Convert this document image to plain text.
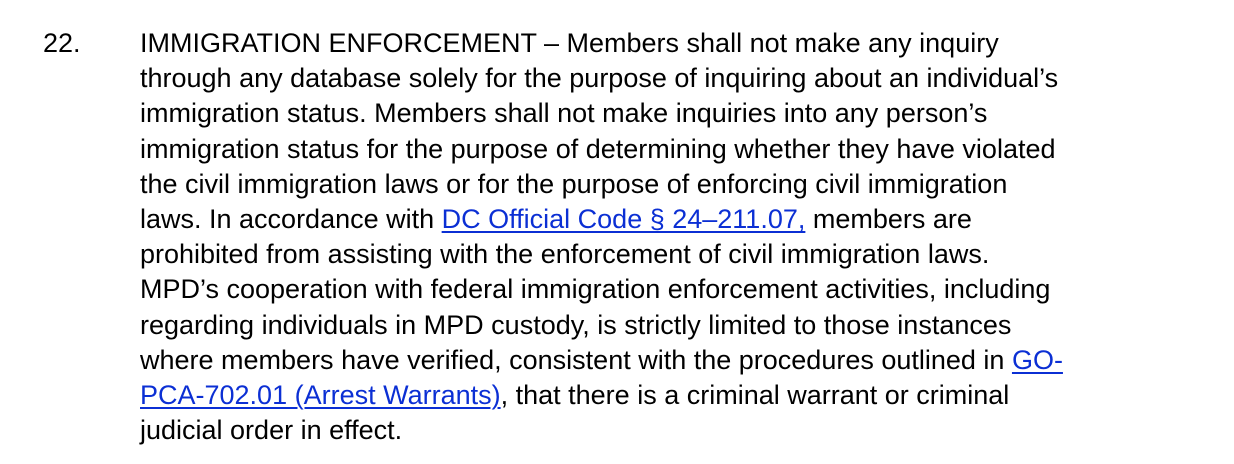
22. IMMIGRATION ENFORCEMENT – Members shall not make any inquiry
through any database solely for the purpose of inquiring about an individual’s
immigration status. Members shall not make inquiries into any person’s
immigration status for the purpose of determining whether they have violated
the civil immigration laws or for the purpose of enforcing civil immigration
laws. In accordance with DC Official Code § 24–211.07, members are
prohibited from assisting with the enforcement of civil immigration laws.
MPD’s cooperation with federal immigration enforcement activities, including
regarding individuals in MPD custody, is strictly limited to those instances
where members have verified, consistent with the procedures outlined in GO-
PCA-702.01 (Arrest Warrants), that there is a criminal warrant or criminal
judicial order in effect.
